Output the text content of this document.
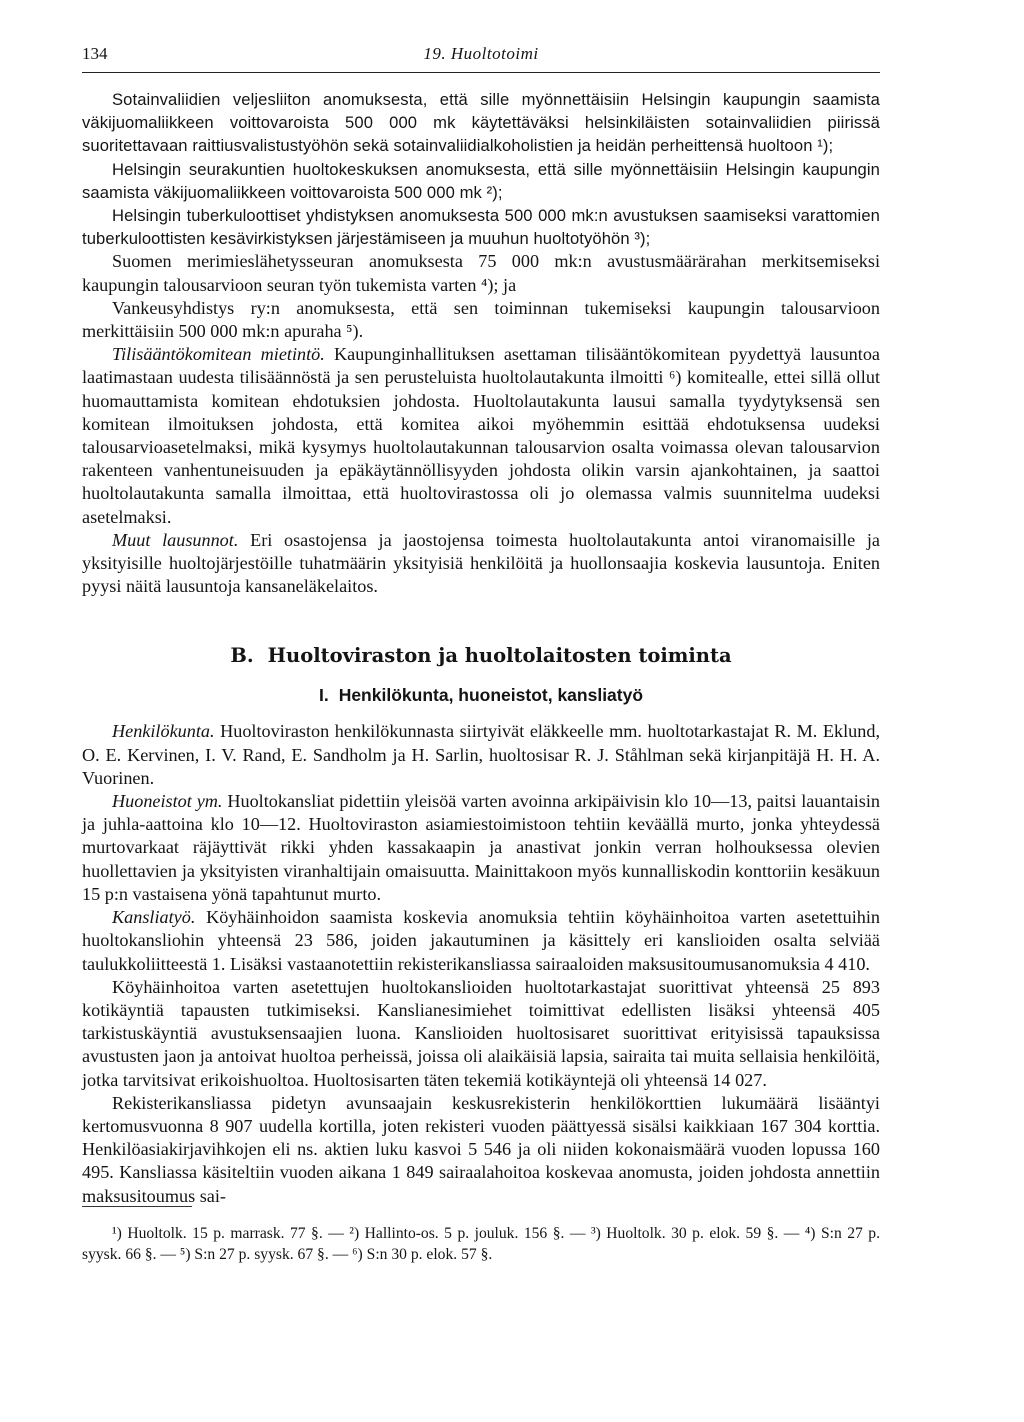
134	19. Huoltotoimi

Sotainvaliidien veljesliiton anomuksesta, että sille myönnettäisiin Helsingin kaupungin saamista väkijuomaliikkeen voittovaroista 500 000 mk käytettäväksi helsinkiläisten sotainvaliidien piirissä suoritettavaan raittiusvalistustyöhön sekä sotainvaliidialkoholistien ja heidän perheittensä huoltoon ¹);

Helsingin seurakuntien huoltokeskuksen anomuksesta, että sille myönnettäisiin Helsingin kaupungin saamista väkijuomaliikkeen voittovaroista 500 000 mk ²);

Helsingin tuberkuloottiset yhdistyksen anomuksesta 500 000 mk:n avustuksen saamiseksi varattomien tuberkuloottisten kesävirkistyksen järjestämiseen ja muuhun huoltotyöhön ³);

Suomen merimieslähetysseuran anomuksesta 75 000 mk:n avustusmäärärahan merkitsemiseksi kaupungin talousarvioon seuran työn tukemista varten ⁴); ja

Vankeusyhdistys ry:n anomuksesta, että sen toiminnan tukemiseksi kaupungin talousarvioon merkittäisiin 500 000 mk:n apuraha ⁵).

Tilisääntökomitean mietintö. Kaupunginhallituksen asettaman tilisääntökomitean pyydettyä lausuntoa laatimastaan uudesta tilisäännöstä ja sen perusteluista huoltolautakunta ilmoitti ⁶) komitealle, ettei sillä ollut huomauttamista komitean ehdotuksien johdosta. Huoltolautakunta lausui samalla tyydytyksensä sen komitean ilmoituksen johdosta, että komitea aikoi myöhemmin esittää ehdotuksensa uudeksi talousarvioasetelmaksi, mikä kysymys huoltolautakunnan talousarvion osalta voimassa olevan talousarvion rakenteen vanhentuneisuuden ja epäkäytännöllisyyden johdosta olikin varsin ajankohtainen, ja saattoi huoltolautakunta samalla ilmoittaa, että huoltovirastossa oli jo olemassa valmis suunnitelma uudeksi asetelmaksi.

Muut lausunnot. Eri osastojensa ja jaostojensa toimesta huoltolautakunta antoi viranomaisille ja yksityisille huoltojärjestöille tuhatmäärin yksityisiä henkilöitä ja huollonsaajia koskevia lausuntoja. Eniten pyysi näitä lausuntoja kansaneläkelaitos.

B. Huoltoviraston ja huoltolaitosten toiminta
I. Henkilökunta, huoneistot, kansliatyö

Henkilökunta. Huoltoviraston henkilökunnasta siirtyivät eläkkeelle mm. huoltotarkastajat R. M. Eklund, O. E. Kervinen, I. V. Rand, E. Sandholm ja H. Sarlin, huoltosisar R. J. Ståhlman sekä kirjanpitäjä H. H. A. Vuorinen.

Huoneistot ym. Huoltokansliat pidettiin yleisöä varten avoinna arkipäivisin klo 10—13, paitsi lauantaisin ja juhla-aattoina klo 10—12. Huoltoviraston asiamiestoimistoon tehtiin keväällä murto, jonka yhteydessä murtovarkaat räjäyttivät rikki yhden kassakaapin ja anastivat jonkin verran holhouksessa olevien huollettavien ja yksityisten viranhaltijain omaisuutta. Mainittakoon myös kunnalliskodin konttoriin kesäkuun 15 p:n vastaisena yönä tapahtunut murto.

Kansliatyö. Köyhäinhoidon saamista koskevia anomuksia tehtiin köyhäinhoitoa varten asetettuihin huoltokansliohin yhteensä 23 586, joiden jakautuminen ja käsittely eri kanslioiden osalta selviää taulukkoliitteestä 1. Lisäksi vastaanotettiin rekisterikansliassa sairaaloiden maksusitoumusanomuksia 4 410.

Köyhäinhoitoa varten asetettujen huoltokanslioiden huoltotarkastajat suorittivat yhteensä 25 893 kotikäyntiä tapausten tutkimiseksi. Kanslianesimiehet toimittivat edellisten lisäksi yhteensä 405 tarkistuskäyntiä avustuksensaajien luona. Kanslioiden huoltosisaret suorittivat erityisissä tapauksissa avustusten jaon ja antoivat huoltoa perheissä, joissa oli alaikäisiä lapsia, sairaita tai muita sellaisia henkilöitä, jotka tarvitsivat erikoishuoltoa. Huoltosisarten täten tekemiä kotikäyntejä oli yhteensä 14 027.

Rekisterikansliassa pidetyn avunsaajain keskusrekisterin henkilökorttien lukumäärä lisääntyi kertomusvuonna 8 907 uudella kortilla, joten rekisteri vuoden päättyessä sisälsi kaikkiaan 167 304 korttia. Henkilöasiakirjavihkojen eli ns. aktien luku kasvoi 5 546 ja oli niiden kokonaismäärä vuoden lopussa 160 495. Kansliassa käsiteltiin vuoden aikana 1 849 sairaalahoitoa koskevaa anomusta, joiden johdosta annettiin maksusitoumus sai-

¹) Huoltolk. 15 p. marrask. 77 §. — ²) Hallinto-os. 5 p. jouluk. 156 §. — ³) Huoltolk. 30 p. elok. 59 §. — ⁴) S:n 27 p. syysk. 66 §. — ⁵) S:n 27 p. syysk. 67 §. — ⁶) S:n 30 p. elok. 57 §.
